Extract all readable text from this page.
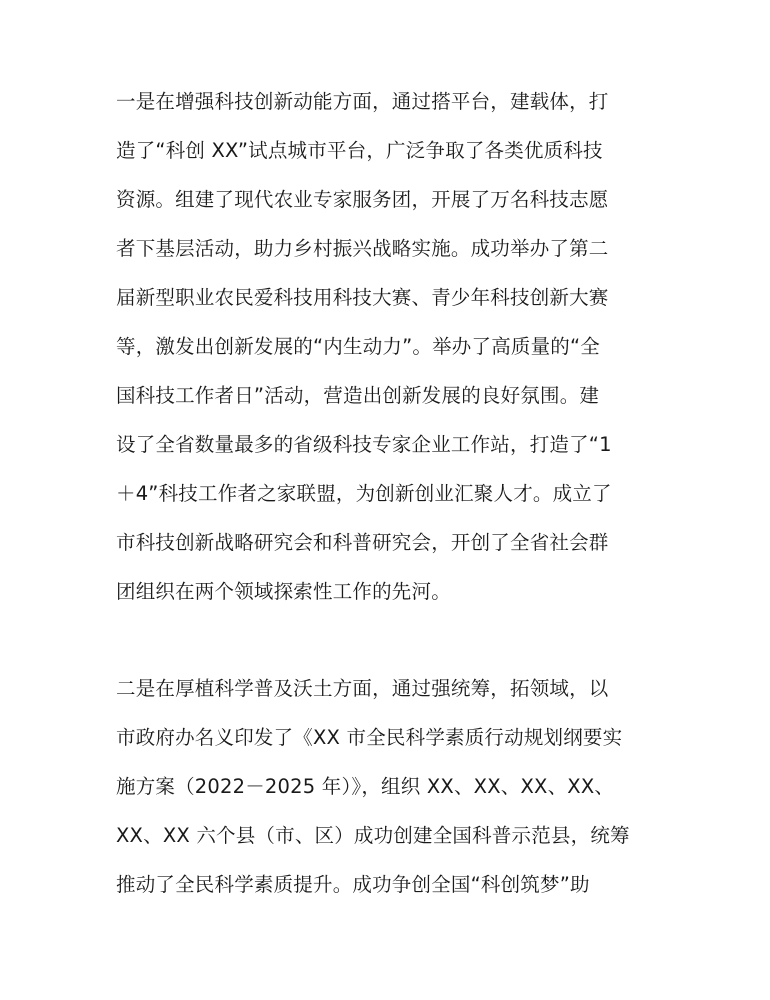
一是在增强科技创新动能方面，通过搭平台，建载体，打
造了“科创 XX”试点城市平台，广泛争取了各类优质科技
资源。组建了现代农业专家服务团，开展了万名科技志愿
者下基层活动，助力乡村振兴战略实施。成功举办了第二
届新型职业农民爱科技用科技大赛、青少年科技创新大赛
等，激发出创新发展的“内生动力”。举办了高质量的“全
国科技工作者日”活动，营造出创新发展的良好氛围。建
设了全省数量最多的省级科技专家企业工作站，打造了“1
＋4”科技工作者之家联盟，为创新创业汇聚人才。成立了
市科技创新战略研究会和科普研究会，开创了全省社会群
团组织在两个领域探索性工作的先河。
二是在厚植科学普及沃土方面，通过强统筹，拓领域，以
市政府办名义印发了《XX 市全民科学素质行动规划纲要实
施方案（2022－2025 年）》，组织 XX、XX、XX、XX、
XX、XX 六个县（市、区）成功创建全国科普示范县，统筹
推动了全民科学素质提升。成功争创全国“科创筑梦”助
